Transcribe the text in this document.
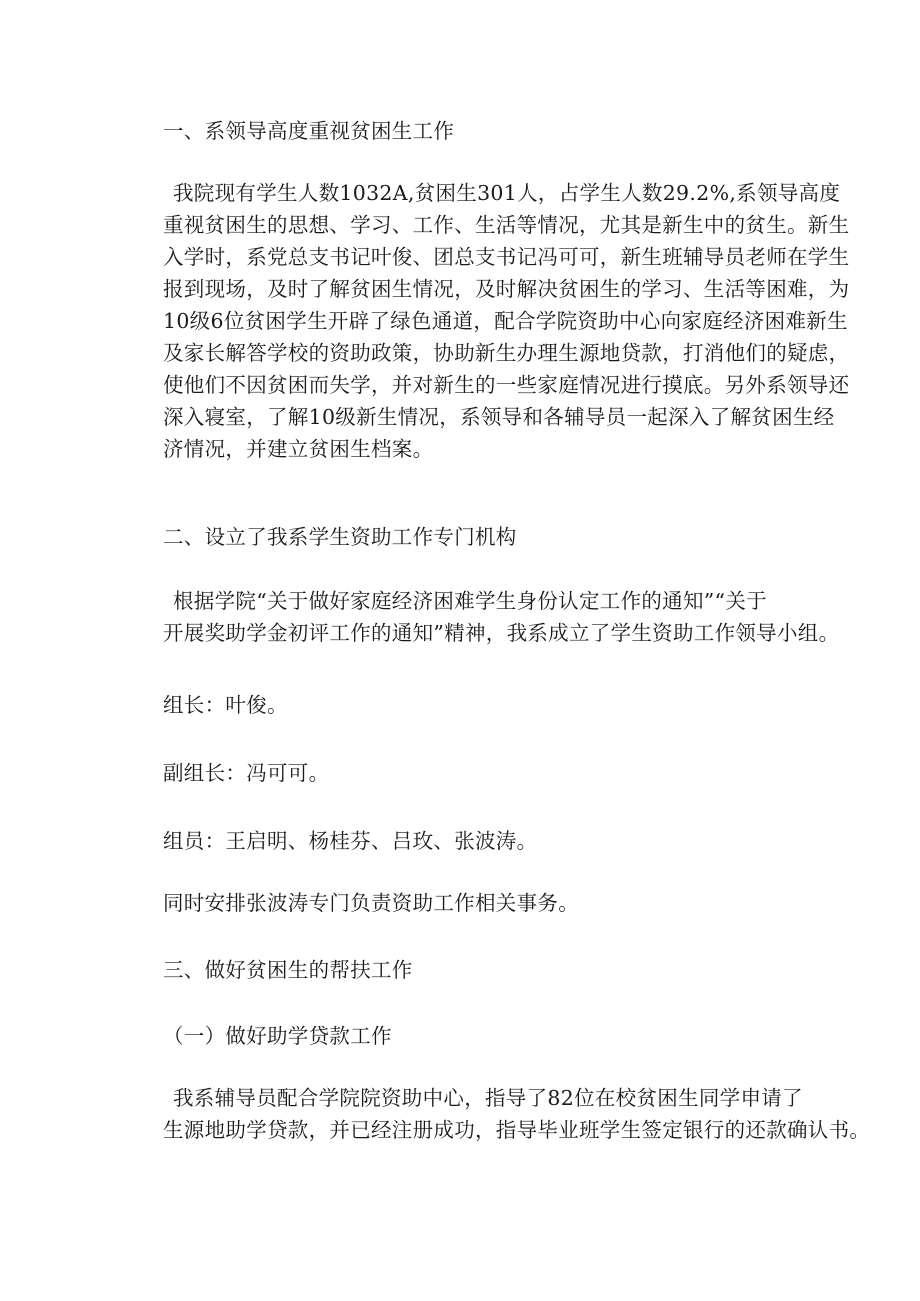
一、系领导高度重视贫困生工作

我院现有学生人数1032A,贫困生301人，占学生人数29.2%,系领导高度
重视贫困生的思想、学习、工作、生活等情况，尤其是新生中的贫生。新生
入学时，系党总支书记叶俊、团总支书记冯可可，新生班辅导员老师在学生
报到现场，及时了解贫困生情况，及时解决贫困生的学习、生活等困难，为
10级6位贫困学生开辟了绿色通道，配合学院资助中心向家庭经济困难新生
及家长解答学校的资助政策，协助新生办理生源地贷款，打消他们的疑虑，
使他们不因贫困而失学，并对新生的一些家庭情况进行摸底。另外系领导还
深入寝室，了解10级新生情况，系领导和各辅导员一起深入了解贫困生经
济情况，并建立贫困生档案。

二、设立了我系学生资助工作专门机构

根据学院“关于做好家庭经济困难学生身份认定工作的通知”“关于
开展奖助学金初评工作的通知”精神，我系成立了学生资助工作领导小组。

组长：叶俊。

副组长：冯可可。

组员：王启明、杨桂芬、吕玫、张波涛。

同时安排张波涛专门负责资助工作相关事务。

三、做好贫困生的帮扶工作

（一）做好助学贷款工作

我系辅导员配合学院院资助中心，指导了82位在校贫困生同学申请了
生源地助学贷款，并已经注册成功，指导毕业班学生签定银行的还款确认书。
